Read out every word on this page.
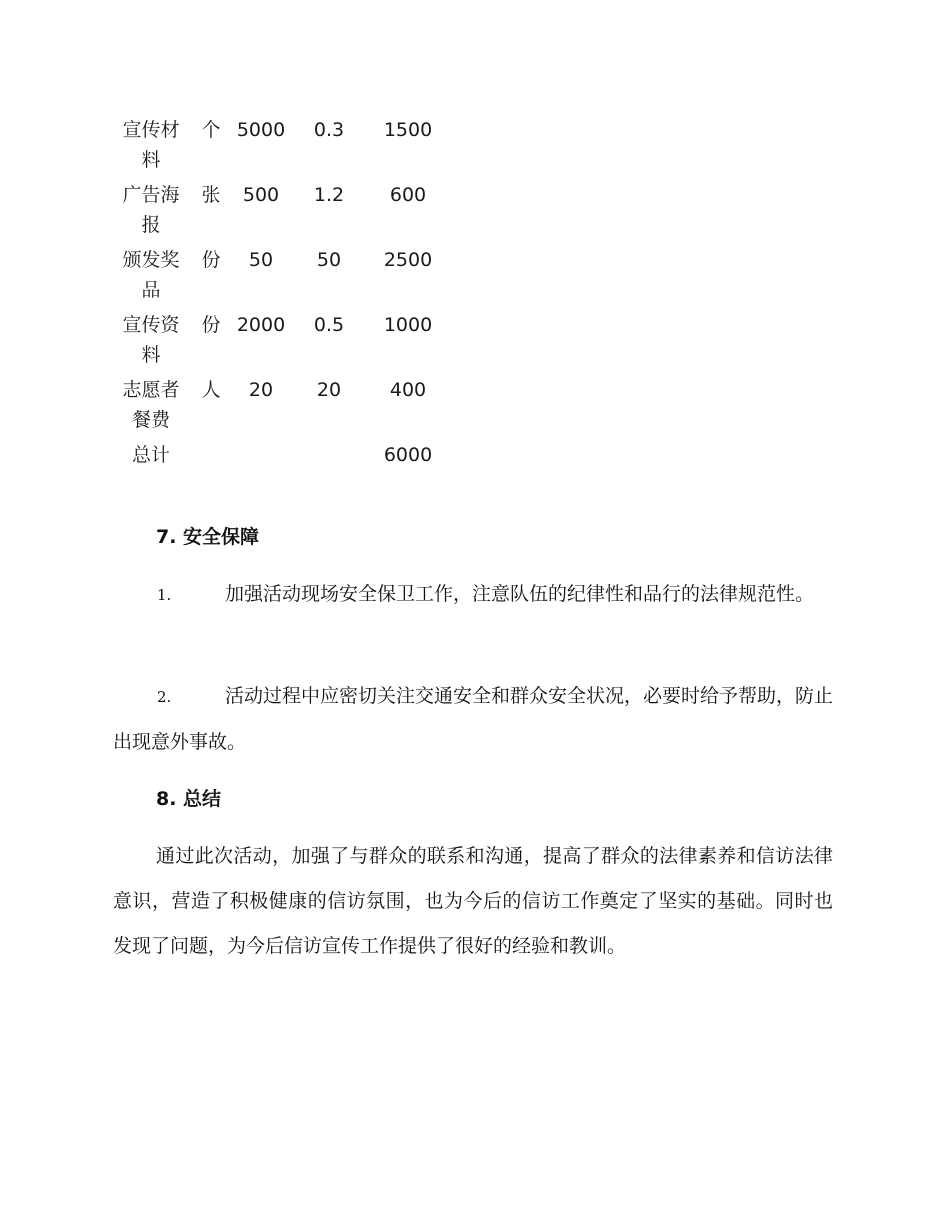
宣传材料	个	5000	0.3	1500
广告海报	张	500	1.2	600
颁发奖品	份	50	50	2500
宣传资料	份	2000	0.5	1000
志愿者餐费	人	20	20	400
总计				6000
7. 安全保障

1.	加强活动现场安全保卫工作，注意队伍的纪律性和品行的法律规范性。

2.	活动过程中应密切关注交通安全和群众安全状况，必要时给予帮助，防止出现意外事故。

8. 总结

通过此次活动，加强了与群众的联系和沟通，提高了群众的法律素养和信访法律意识，营造了积极健康的信访氛围，也为今后的信访工作奠定了坚实的基础。同时也发现了问题，为今后信访宣传工作提供了很好的经验和教训。
